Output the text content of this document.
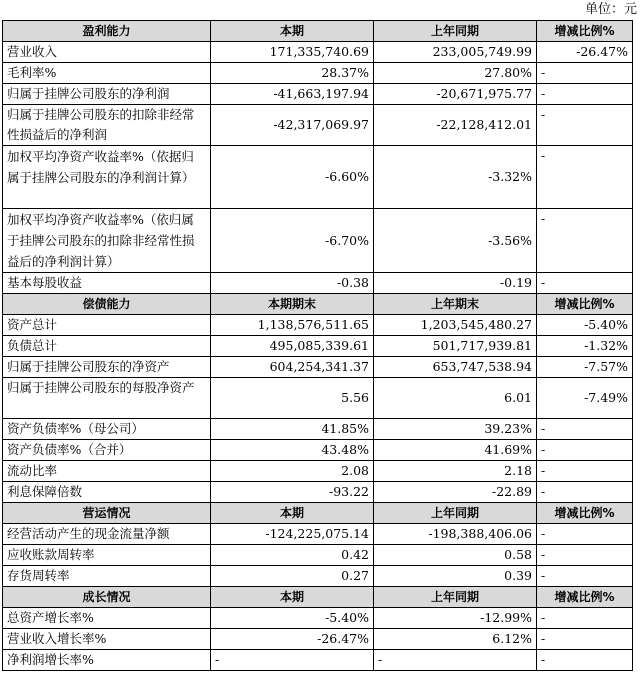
单位：元
盈利能力	本期	上年同期	增减比例%
营业收入	171,335,740.69	233,005,749.99	-26.47%
毛利率%	28.37%	27.80%	-
归属于挂牌公司股东的净利润	-41,663,197.94	-20,671,975.77	-
归属于挂牌公司股东的扣除非经常性损益后的净利润	-42,317,069.97	-22,128,412.01	-
加权平均净资产收益率%（依据归属于挂牌公司股东的净利润计算）	-6.60%	-3.32%	-
加权平均净资产收益率%（依归属于挂牌公司股东的扣除非经常性损益后的净利润计算）	-6.70%	-3.56%	-
基本每股收益	-0.38	-0.19	-
偿债能力	本期期末	上年期末	增减比例%
资产总计	1,138,576,511.65	1,203,545,480.27	-5.40%
负债总计	495,085,339.61	501,717,939.81	-1.32%
归属于挂牌公司股东的净资产	604,254,341.37	653,747,538.94	-7.57%
归属于挂牌公司股东的每股净资产	5.56	6.01	-7.49%
资产负债率%（母公司）	41.85%	39.23%	-
资产负债率%（合并）	43.48%	41.69%	-
流动比率	2.08	2.18	-
利息保障倍数	-93.22	-22.89	-
营运情况	本期	上年同期	增减比例%
经营活动产生的现金流量净额	-124,225,075.14	-198,388,406.06	-
应收账款周转率	0.42	0.58	-
存货周转率	0.27	0.39	-
成长情况	本期	上年同期	增减比例%
总资产增长率%	-5.40%	-12.99%	-
营业收入增长率%	-26.47%	6.12%	-
净利润增长率%	-	-	-
